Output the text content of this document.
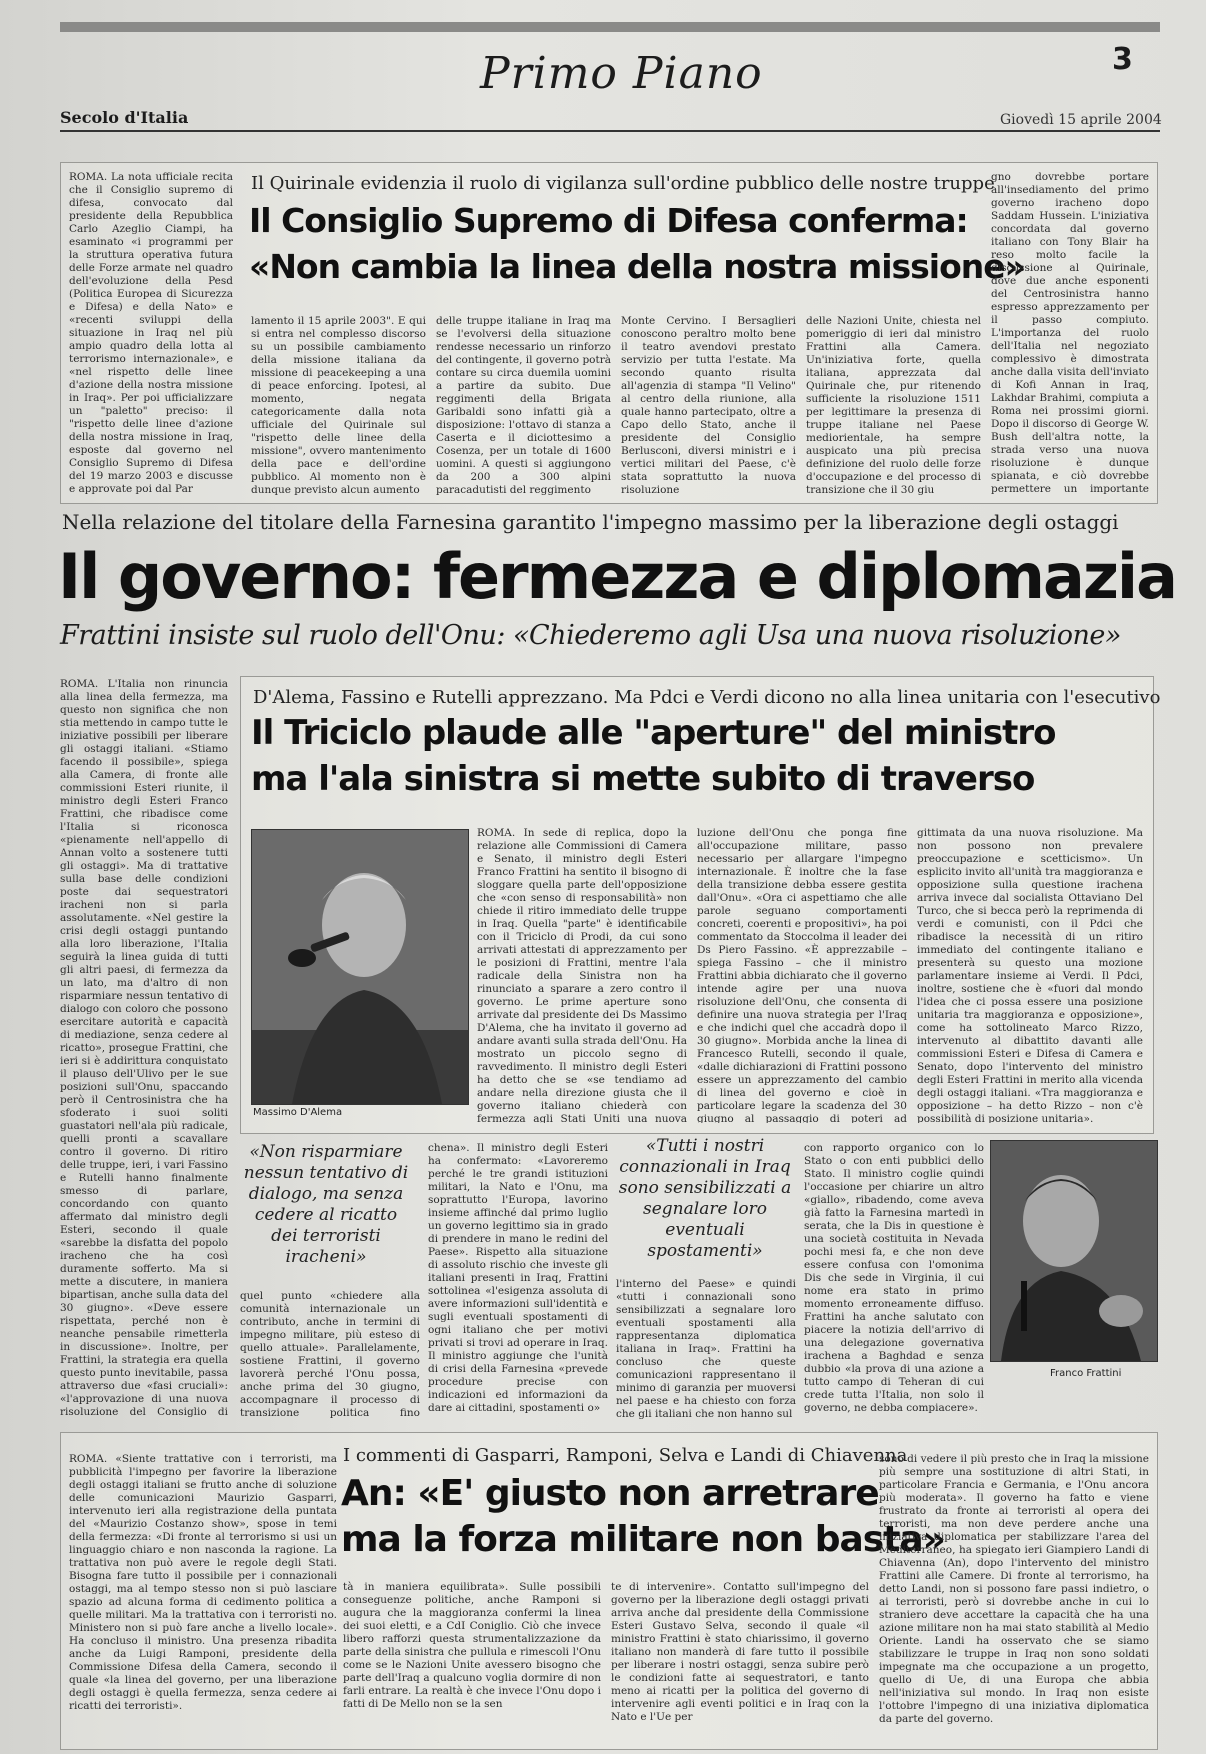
Primo Piano	3
Secolo d'Italia	Giovedì 15 aprile 2004
ROMA. La nota ufficiale recita che il Consiglio supremo di difesa, convocato dal presidente della Repubblica Carlo Azeglio Ciampi, ha esaminato «i programmi per la struttura operativa futura delle Forze armate nel quadro dell'evoluzione della Pesd (Politica Europea di Sicurezza e Difesa) e della Nato» e «recenti sviluppi della situazione in Iraq nel più ampio quadro della lotta al terrorismo internazionale», e «nel rispetto delle linee d'azione della nostra missione in Iraq». Per poi ufficializzare un "paletto" preciso: il "rispetto delle linee d'azione della nostra missione in Iraq, esposte dal governo nel Consiglio Supremo di Difesa del 19 marzo 2003 e discusse e approvate poi dal Par
Il Quirinale evidenzia il ruolo di vigilanza sull'ordine pubblico delle nostre truppe
Il Consiglio Supremo di Difesa conferma:
«Non cambia la linea della nostra missione»
lamento il 15 aprile 2003". E qui si entra nel complesso discorso su un possibile cambiamento della missione italiana da missione di peacekeeping a una di peace enforcing. Ipotesi, al momento, negata categoricamente dalla nota ufficiale del Quirinale sul "rispetto delle linee della missione", ovvero mantenimento della pace e dell'ordine pubblico. Al momento non è dunque previsto alcun aumento
delle truppe italiane in Iraq ma se l'evolversi della situazione rendesse necessario un rinforzo del contingente, il governo potrà contare su circa duemila uomini a partire da subito. Due reggimenti della Brigata Garibaldi sono infatti già a disposizione: l'ottavo di stanza a Caserta e il diciottesimo a Cosenza, per un totale di 1600 uomini. A questi si aggiungono da 200 a 300 alpini paracadutisti del reggimento
Monte Cervino. I Bersaglieri conoscono peraltro molto bene il teatro avendovi prestato servizio per tutta l'estate. Ma secondo quanto risulta all'agenzia di stampa "Il Velino" al centro della riunione, alla quale hanno partecipato, oltre a Capo dello Stato, anche il presidente del Consiglio Berlusconi, diversi ministri e i vertici militari del Paese, c'è stata soprattutto la nuova risoluzione
delle Nazioni Unite, chiesta nel pomeriggio di ieri dal ministro Frattini alla Camera. Un'iniziativa forte, quella italiana, apprezzata dal Quirinale che, pur ritenendo sufficiente la risoluzione 1511 per legittimare la presenza di truppe italiane nel Paese mediorientale, ha sempre auspicato una più precisa definizione del ruolo delle forze d'occupazione e del processo di transizione che il 30 giu
gno dovrebbe portare all'insediamento del primo governo iracheno dopo Saddam Hussein. L'iniziativa concordata dal governo italiano con Tony Blair ha reso molto facile la discussione al Quirinale, dove due anche esponenti del Centrosinistra hanno espresso apprezzamento per il passo compiuto. L'importanza del ruolo dell'Italia nel negoziato complessivo è dimostrata anche dalla visita dell'inviato di Kofi Annan in Iraq, Lakhdar Brahimi, compiuta a Roma nei prossimi giorni. Dopo il discorso di George W. Bush dell'altra notte, la strada verso una nuova risoluzione è dunque spianata, e ciò dovrebbe permettere un importante
Nella relazione del titolare della Farnesina garantito l'impegno massimo per la liberazione degli ostaggi
Il governo: fermezza e diplomazia
Frattini insiste sul ruolo dell'Onu: «Chiederemo agli Usa una nuova risoluzione»
ROMA. L'Italia non rinuncia alla linea della fermezza, ma questo non significa che non stia mettendo in campo tutte le iniziative possibili per liberare gli ostaggi italiani. «Stiamo facendo il possibile», spiega alla Camera, di fronte alle commissioni Esteri riunite, il ministro degli Esteri Franco Frattini, che ribadisce come l'Italia si riconosca «pienamente nell'appello di Annan volto a sostenere tutti gli ostaggi». Ma di trattative sulla base delle condizioni poste dai sequestratori iracheni non si parla assolutamente. «Nel gestire la crisi degli ostaggi puntando alla loro liberazione, l'Italia seguirà la linea guida di tutti gli altri paesi, di fermezza da un lato, ma d'altro di non risparmiare nessun tentativo di dialogo con coloro che possono esercitare autorità e capacità di mediazione, senza cedere al ricatto», prosegue Frattini, che ieri si è addirittura conquistato il plauso dell'Ulivo per le sue posizioni sull'Onu, spaccando però il Centrosinistra che ha sfoderato i suoi soliti guastatori nell'ala più radicale, quelli pronti a scavallare contro il governo. Di ritiro delle truppe, ieri, i vari Fassino e Rutelli hanno finalmente smesso di parlare, concordando con quanto affermato dal ministro degli Esteri, secondo il quale «sarebbe la disfatta del popolo iracheno che ha così duramente sofferto. Ma si mette a discutere, in maniera bipartisan, anche sulla data del 30 giugno». «Deve essere rispettata, perché non è neanche pensabile rimetterla in discussione». Inoltre, per Frattini, la strategia era quella questo punto inevitabile, passa attraverso due «fasi cruciali»: «l'approvazione di una nuova risoluzione del Consiglio di
D'Alema, Fassino e Rutelli apprezzano. Ma Pdci e Verdi dicono no alla linea unitaria con l'esecutivo
Il Triciclo plaude alle "aperture" del ministro
ma l'ala sinistra si mette subito di traverso
Massimo D'Alema
ROMA. In sede di replica, dopo la relazione alle Commissioni di Camera e Senato, il ministro degli Esteri Franco Frattini ha sentito il bisogno di sloggare quella parte dell'opposizione che «con senso di responsabilità» non chiede il ritiro immediato delle truppe in Iraq. Quella "parte" è identificabile con il Triciclo di Prodi, da cui sono arrivati attestati di apprezzamento per le posizioni di Frattini, mentre l'ala radicale della Sinistra non ha rinunciato a sparare a zero contro il governo. Le prime aperture sono arrivate dal presidente dei Ds Massimo D'Alema, che ha invitato il governo ad andare avanti sulla strada dell'Onu. Ha mostrato un piccolo segno di ravvedimento. Il ministro degli Esteri ha detto che se «se tendiamo ad andare nella direzione giusta che il governo italiano chiederà con fermezza agli Stati Uniti una nuova
luzione dell'Onu che ponga fine all'occupazione militare, passo necessario per allargare l'impegno internazionale. È inoltre che la fase della transizione debba essere gestita dall'Onu». «Ora ci aspettiamo che alle parole seguano comportamenti concreti, coerenti e propositivi», ha poi commentato da Stoccolma il leader dei Ds Piero Fassino. «È apprezzabile – spiega Fassino – che il ministro Frattini abbia dichiarato che il governo intende agire per una nuova risoluzione dell'Onu, che consenta di definire una nuova strategia per l'Iraq e che indichi quel che accadrà dopo il 30 giugno». Morbida anche la linea di Francesco Rutelli, secondo il quale, «dalle dichiarazioni di Frattini possono essere un apprezzamento del cambio di linea del governo e cioè in particolare legare la scadenza del 30 giugno al passaggio di poteri ad
gittimata da una nuova risoluzione. Ma non possono non prevalere preoccupazione e scetticismo». Un esplicito invito all'unità tra maggioranza e opposizione sulla questione irachena arriva invece dal socialista Ottaviano Del Turco, che si becca però la reprimenda di verdi e comunisti, con il Pdci che ribadisce la necessità di un ritiro immediato del contingente italiano e presenterà su questo una mozione parlamentare insieme ai Verdi. Il Pdci, inoltre, sostiene che è «fuori dal mondo l'idea che ci possa essere una posizione unitaria tra maggioranza e opposizione», come ha sottolineato Marco Rizzo, intervenuto al dibattito davanti alle commissioni Esteri e Difesa di Camera e Senato, dopo l'intervento del ministro degli Esteri Frattini in merito alla vicenda degli ostaggi italiani. «Tra maggioranza e opposizione – ha detto Rizzo – non c'è possibilità di posizione unitaria».
«Non risparmiare nessun tentativo di dialogo, ma senza cedere al ricatto dei terroristi iracheni»
quel punto «chiedere alla comunità internazionale un contributo, anche in termini di impegno militare, più esteso di quello attuale». Parallelamente, sostiene Frattini, il governo lavorerà perché l'Onu possa, anche prima del 30 giugno, accompagnare il processo di transizione politica fino
chena». Il ministro degli Esteri ha confermato: «Lavoreremo perché le tre grandi istituzioni militari, la Nato e l'Onu, ma soprattutto l'Europa, lavorino insieme affinché dal primo luglio un governo legittimo sia in grado di prendere in mano le redini del Paese». Rispetto alla situazione di assoluto rischio che investe gli italiani presenti in Iraq, Frattini sottolinea «l'esigenza assoluta di avere informazioni sull'identità e sugli eventuali spostamenti di ogni italiano che per motivi privati si trovi ad operare in Iraq. Il ministro aggiunge che l'unità di crisi della Farnesina «prevede procedure precise con indicazioni ed informazioni da dare ai cittadini, spostamenti o»
«Tutti i nostri connazionali in Iraq sono sensibilizzati a segnalare loro eventuali spostamenti»
l'interno del Paese» e quindi «tutti i connazionali sono sensibilizzati a segnalare loro eventuali spostamenti alla rappresentanza diplomatica italiana in Iraq». Frattini ha concluso che queste comunicazioni rappresentano il minimo di garanzia per muoversi nel paese e ha chiesto con forza che gli italiani che non hanno sul
con rapporto organico con lo Stato o con enti pubblici dello Stato. Il ministro coglie quindi l'occasione per chiarire un altro «giallo», ribadendo, come aveva già fatto la Farnesina martedì in serata, che la Dis in questione è una società costituita in Nevada pochi mesi fa, e che non deve essere confusa con l'omonima Dis che sede in Virginia, il cui nome era stato in primo momento erroneamente diffuso. Frattini ha anche salutato con piacere la notizia dell'arrivo di una delegazione governativa irachena a Baghdad e senza dubbio «la prova di una azione a tutto campo di Teheran di cui crede tutta l'Italia, non solo il governo, ne debba compiacere».
Franco Frattini
ROMA. «Siente trattative con i terroristi, ma pubblicità l'impegno per favorire la liberazione degli ostaggi italiani se frutto anche di soluzione delle comunicazioni Maurizio Gasparri, intervenuto ieri alla registrazione della puntata del «Maurizio Costanzo show», spose in temi della fermezza: «Di fronte al terrorismo si usi un linguaggio chiaro e non nasconda la ragione. La trattativa non può avere le regole degli Stati. Bisogna fare tutto il possibile per i connazionali ostaggi, ma al tempo stesso non si può lasciare spazio ad alcuna forma di cedimento politica a quelle militari. Ma la trattativa con i terroristi no. Ministero non si può fare anche a livello locale». Ha concluso il ministro. Una presenza ribadita anche da Luigi Ramponi, presidente della Commissione Difesa della Camera, secondo il quale «la linea del governo, per una liberazione degli ostaggi è quella fermezza, senza cedere ai ricatti dei terroristi».
I commenti di Gasparri, Ramponi, Selva e Landi di Chiavenna
An: «E' giusto non arretrare
ma la forza militare non basta»
tà in maniera equilibrata». Sulle possibili conseguenze politiche, anche Ramponi si augura che la maggioranza confermi la linea dei suoi eletti, e a CdI Coniglio. Ciò che invece libero rafforzi questa strumentalizzazione da parte della sinistra che pullula e rimescoli l'Onu come se le Nazioni Unite avessero bisogno che parte dell'Iraq a qualcuno voglia dormire di non farli entrare. La realtà è che invece l'Onu dopo i fatti di De Mello non se la sen
te di intervenire». Contatto sull'impegno del governo per la liberazione degli ostaggi privati arriva anche dal presidente della Commissione Esteri Gustavo Selva, secondo il quale «il ministro Frattini è stato chiarissimo, il governo italiano non manderà di fare tutto il possibile per liberare i nostri ostaggi, senza subire però le condizioni fatte ai sequestratori, e tanto meno ai ricatti per la politica del governo di intervenire agli eventi politici e in Iraq con la Nato e l'Ue per
sono di vedere il più presto che in Iraq la missione più sempre una sostituzione di altri Stati, in particolare Francia e Germania, e l'Onu ancora più moderata». Il governo ha fatto e viene frustrato da fronte ai terroristi al opera dei terroristi, ma non deve perdere anche una iniziativa diplomatica per stabilizzare l'area del Mediterraneo, ha spiegato ieri Giampiero Landi di Chiavenna (An), dopo l'intervento del ministro Frattini alle Camere. Di fronte al terrorismo, ha detto Landi, non si possono fare passi indietro, o ai terroristi, però si dovrebbe anche in cui lo straniero deve accettare la capacità che ha una azione militare non ha mai stato stabilità al Medio Oriente. Landi ha osservato che se siamo stabilizzare le truppe in Iraq non sono soldati impegnate ma che occupazione a un progetto, quello di Ue, di una Europa che abbia nell'iniziativa sul mondo. In Iraq non esiste l'ottobre l'impegno di una iniziativa diplomatica da parte del governo.
